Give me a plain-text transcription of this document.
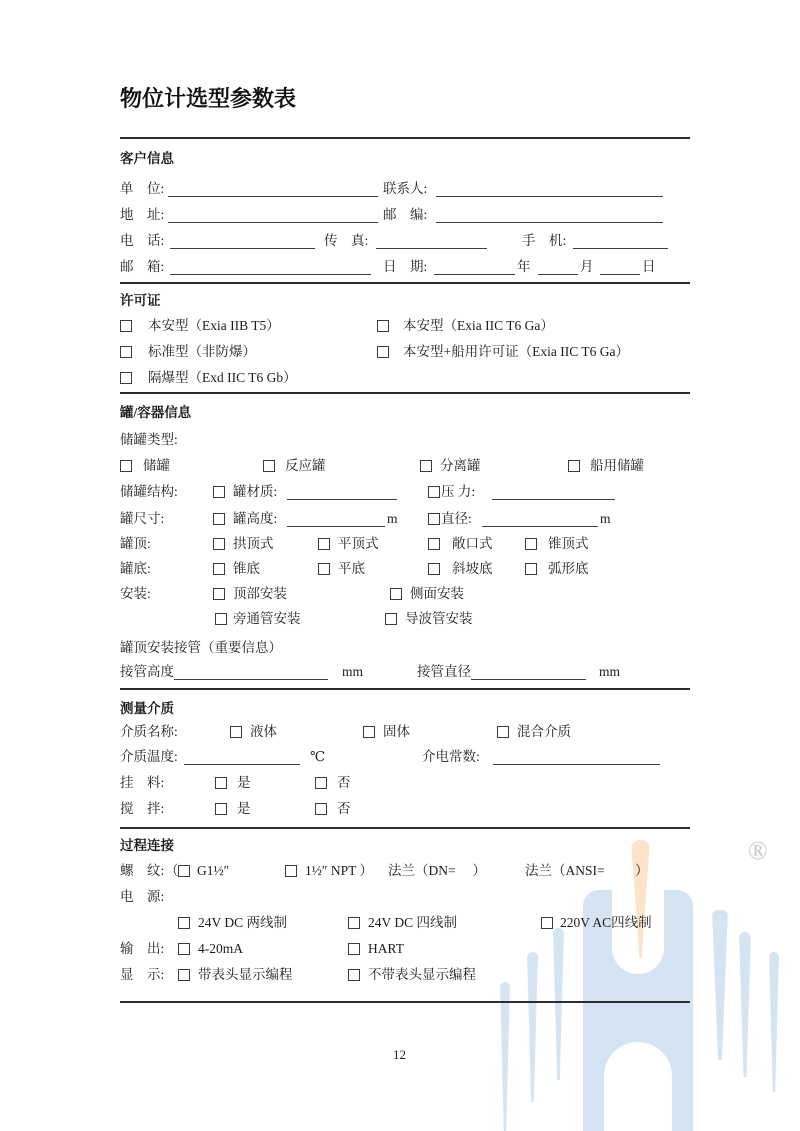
®
物位计选型参数表
客户信息
单　位:	联系人:
地　址:	邮　编:
电　话:	传　真:	手　机:
邮　箱:	日　期:	年	月	日
许可证
本安型（Exia IIB T5）	本安型（Exia IIC T6 Ga）
标准型（非防爆）	本安型+船用许可证（Exia IIC T6 Ga）
隔爆型（Exd IIC T6 Gb）
罐/容器信息
储罐类型:
储罐	反应罐	分离罐	船用储罐
储罐结构:	罐材质:	压 力:
罐尺寸:	罐高度:	m	直径:	m
罐顶:	拱顶式	平顶式	敞口式	锥顶式
罐底:	锥底	平底	斜坡底	弧形底
安装:	顶部安装	侧面安装
旁通管安装	导波管安装
罐顶安装接管（重要信息）
接管高度	mm	接管直径	mm
测量介质
介质名称:	液体	固体	混合介质
介质温度:	℃	介电常数:
挂　料:	是	否
搅　拌:	是	否
过程连接
螺　纹: （ G1½″	1½″ NPT ） 法兰（DN=　 ）	法兰（ANSI=　　 ）
电　源:
24V DC 两线制	24V DC 四线制	220V AC四线制
输　出: 4-20mA	HART
显　示: 带表头显示编程	不带表头显示编程
12
